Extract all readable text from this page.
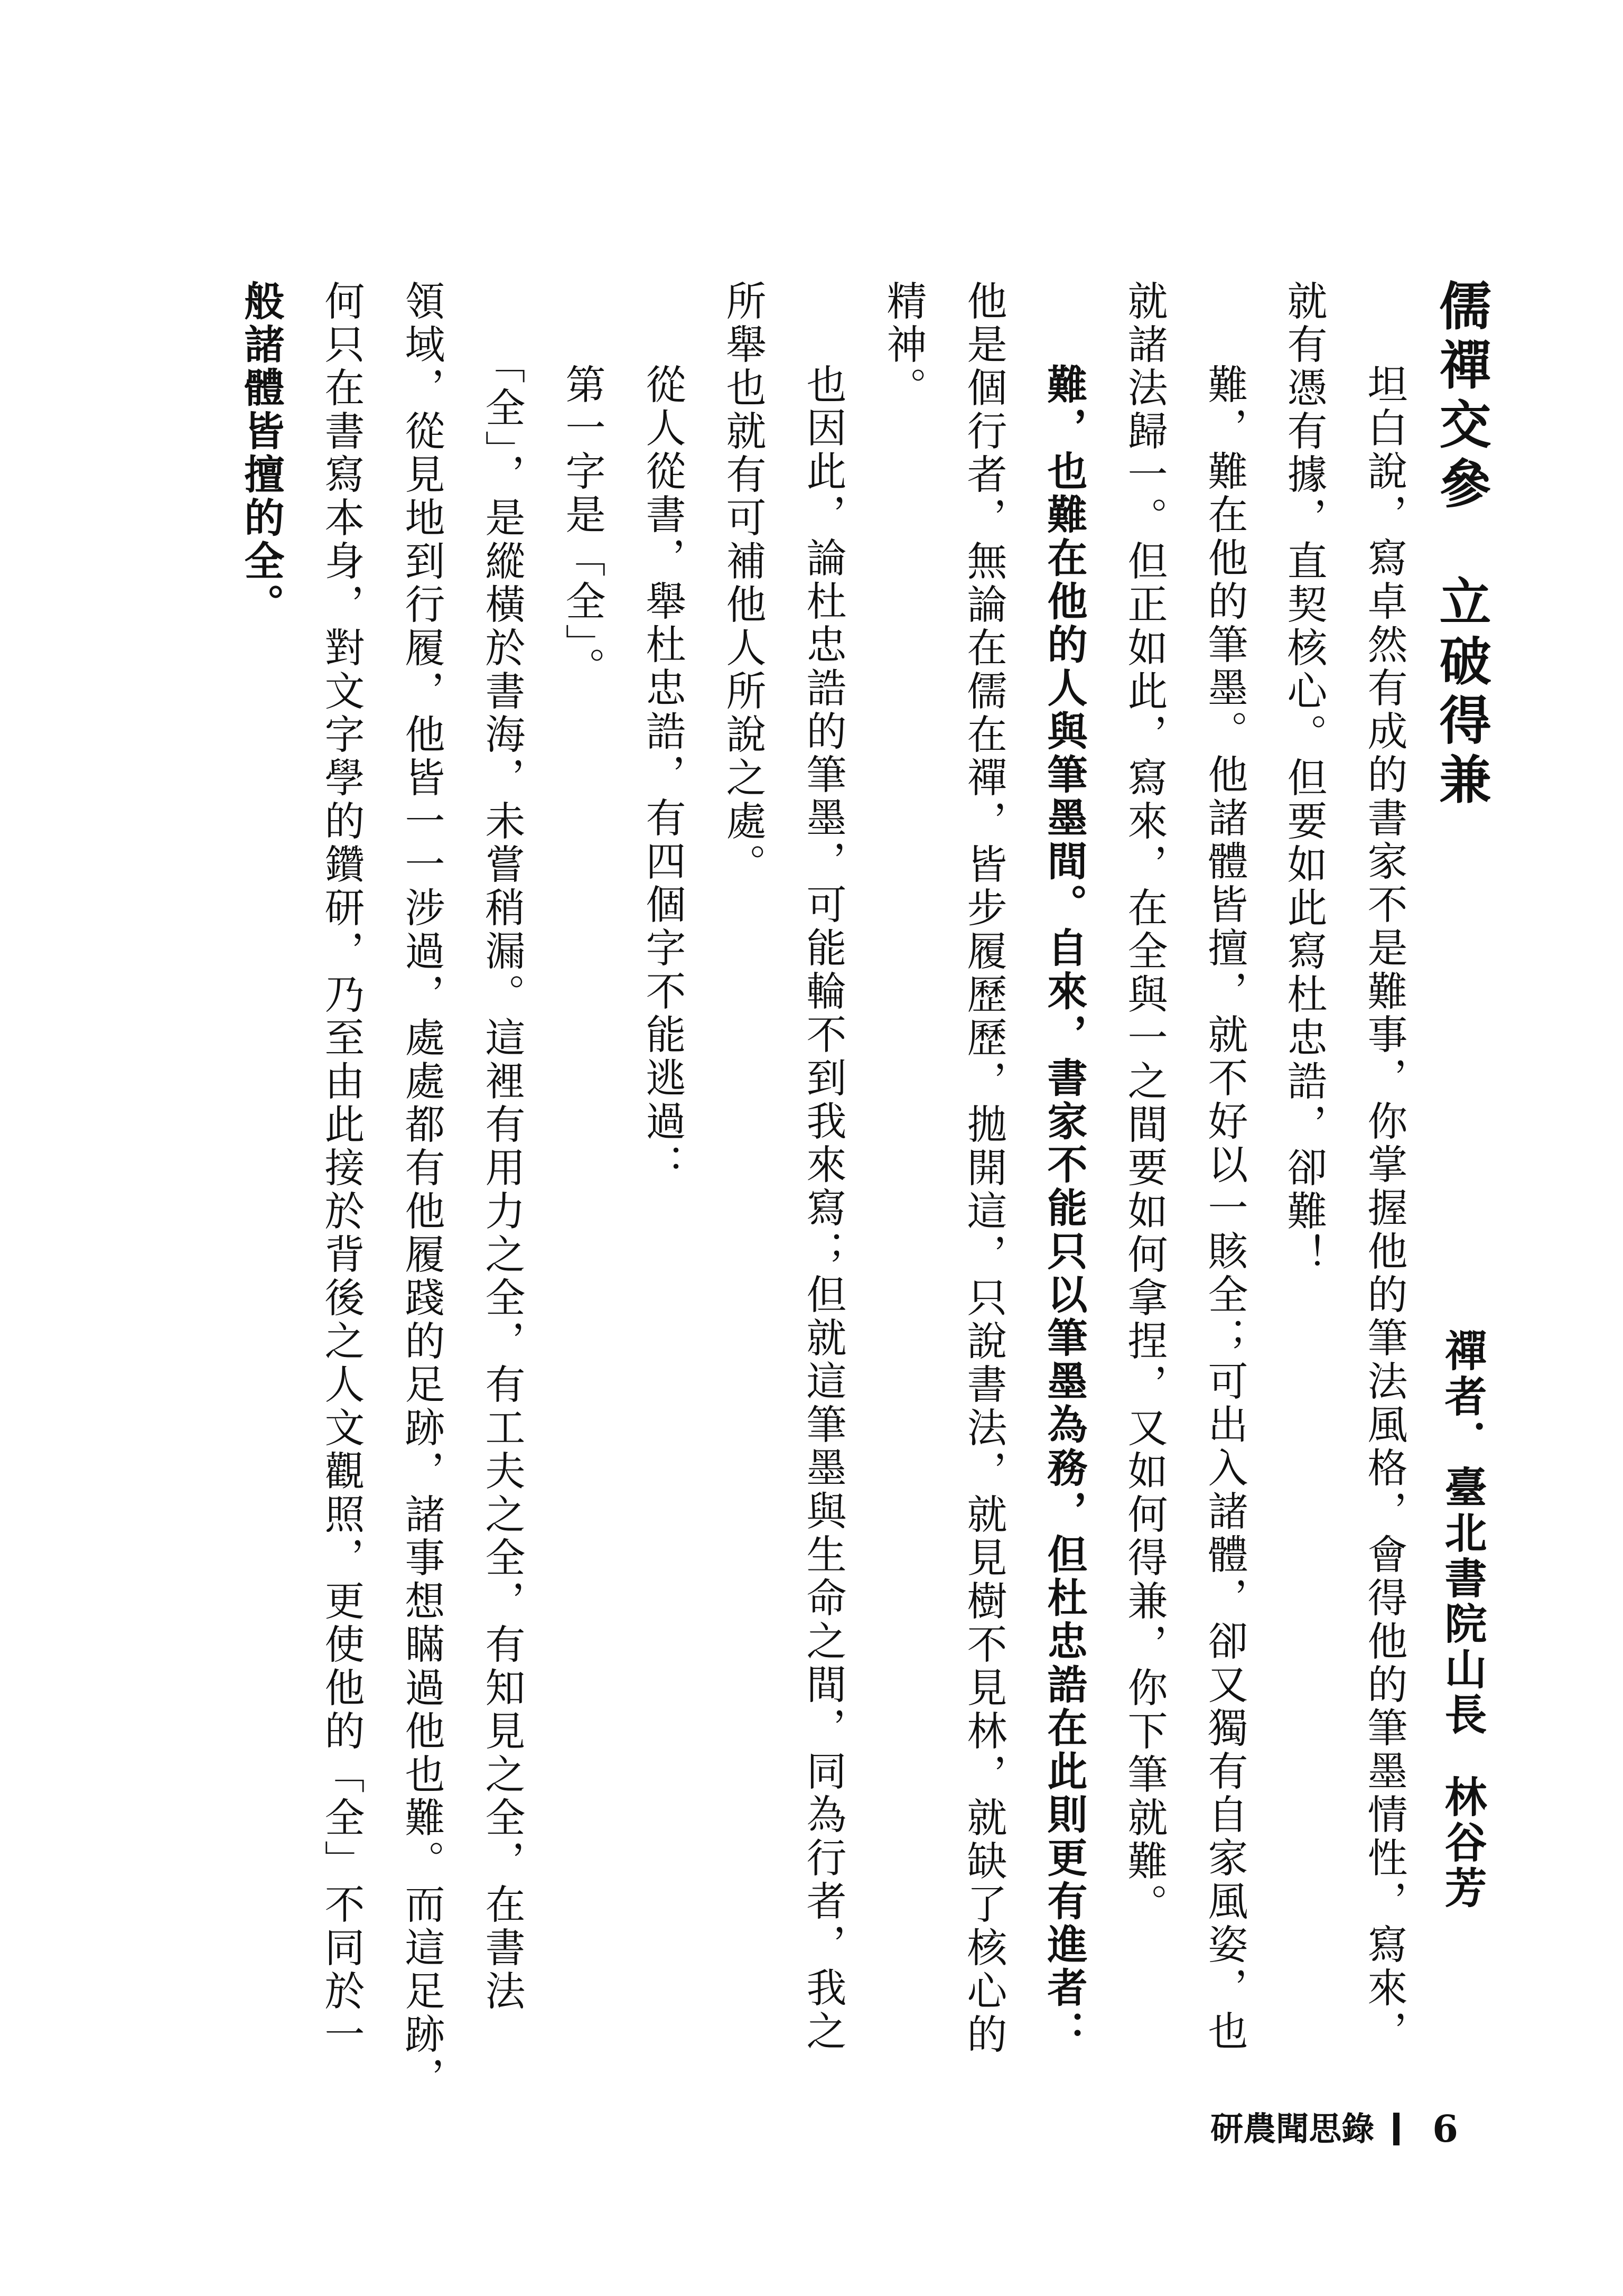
儒禪交參　立破得兼
禪者．臺北書院山長林谷芳
　坦白說，寫卓然有成的書家不是難事，你掌握他的筆法風格，會得他的筆墨情性，寫來，
就有憑有據，直契核心。但要如此寫杜忠誥，卻難！
　難，難在他的筆墨。他諸體皆擅，就不好以一賅全；可出入諸體，卻又獨有自家風姿，也
就諸法歸一。但正如此，寫來，在全與一之間要如何拿捏，又如何得兼，你下筆就難。
　難，也難在他的人與筆墨間。自來，書家不能只以筆墨為務，但杜忠誥在此則更有進者：
他是個行者，無論在儒在禪，皆步履歷歷，拋開這，只說書法，就見樹不見林，就缺了核心的
精神。
　也因此，論杜忠誥的筆墨，可能輪不到我來寫；但就這筆墨與生命之間，同為行者，我之
所舉也就有可補他人所說之處。
　從人從書，舉杜忠誥，有四個字不能逃過：
　第一字是「全」。
　「全」，是縱橫於書海，未嘗稍漏。這裡有用力之全，有工夫之全，有知見之全，在書法
領域，從見地到行履，他皆一一涉過，處處都有他履踐的足跡，諸事想瞞過他也難。而這足跡，
何只在書寫本身，對文字學的鑽研，乃至由此接於背後之人文觀照，更使他的「全」不同於一
般諸體皆擅的全。
研農聞思錄 6
